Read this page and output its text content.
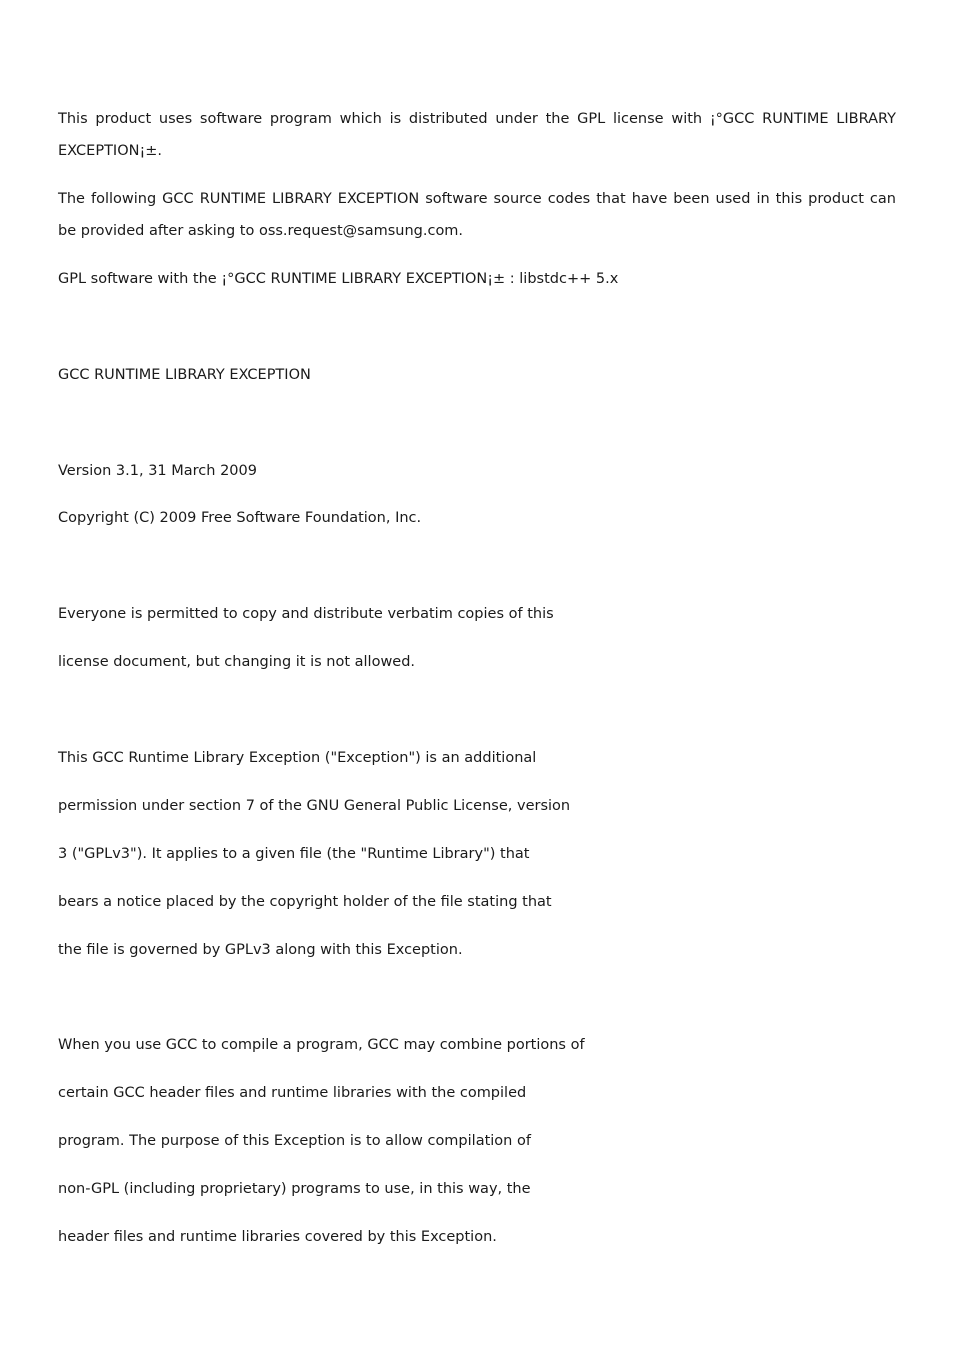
This product uses software program which is distributed under the GPL license with ¡°GCC RUNTIME LIBRARY
EXCEPTION¡±.
The following GCC RUNTIME LIBRARY EXCEPTION software source codes that have been used in this product can
be provided after asking to oss.request@samsung.com.
GPL software with the ¡°GCC RUNTIME LIBRARY EXCEPTION¡± : libstdc++ 5.x
GCC RUNTIME LIBRARY EXCEPTION
Version 3.1, 31 March 2009
Copyright (C) 2009 Free Software Foundation, Inc.
Everyone is permitted to copy and distribute verbatim copies of this
license document, but changing it is not allowed.
This GCC Runtime Library Exception ("Exception") is an additional
permission under section 7 of the GNU General Public License, version
3 ("GPLv3"). It applies to a given file (the "Runtime Library") that
bears a notice placed by the copyright holder of the file stating that
the file is governed by GPLv3 along with this Exception.
When you use GCC to compile a program, GCC may combine portions of
certain GCC header files and runtime libraries with the compiled
program. The purpose of this Exception is to allow compilation of
non-GPL (including proprietary) programs to use, in this way, the
header files and runtime libraries covered by this Exception.
